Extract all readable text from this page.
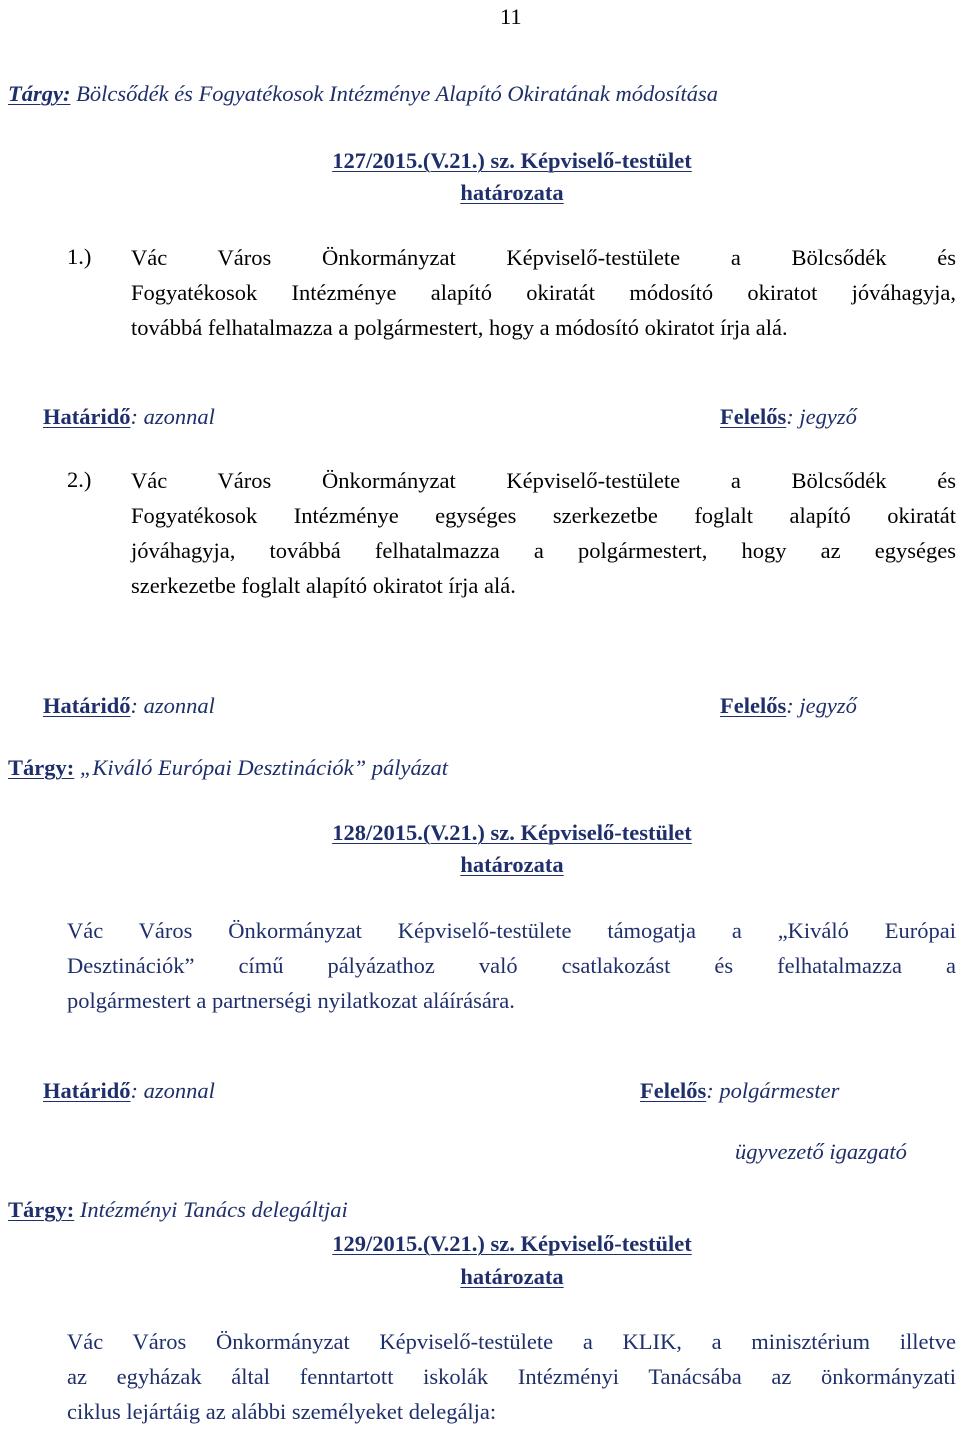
11
Tárgy: Bölcsődék és Fogyatékosok Intézménye Alapító Okiratának módosítása
127/2015.(V.21.) sz. Képviselő-testület
határozata
1.) Vác Város Önkormányzat Képviselő-testülete a Bölcsődék és
Fogyatékosok Intézménye alapító okiratát módosító okiratot jóváhagyja,
továbbá felhatalmazza a polgármestert, hogy a módosító okiratot írja alá.
Határidő: azonnal	Felelős: jegyző
2.) Vác Város Önkormányzat Képviselő-testülete a Bölcsődék és
Fogyatékosok Intézménye egységes szerkezetbe foglalt alapító okiratát
jóváhagyja, továbbá felhatalmazza a polgármestert, hogy az egységes
szerkezetbe foglalt alapító okiratot írja alá.
Határidő: azonnal	Felelős: jegyző
Tárgy: „Kiváló Európai Desztinációk” pályázat
128/2015.(V.21.) sz. Képviselő-testület
határozata
Vác Város Önkormányzat Képviselő-testülete támogatja a „Kiváló Európai
Desztinációk” című pályázathoz való csatlakozást és felhatalmazza a
polgármestert a partnerségi nyilatkozat aláírására.
Határidő: azonnal	Felelős: polgármester
ügyvezető igazgató
Tárgy: Intézményi Tanács delegáltjai
129/2015.(V.21.) sz. Képviselő-testület
határozata
Vác Város Önkormányzat Képviselő-testülete a KLIK, a minisztérium illetve
az egyházak által fenntartott iskolák Intézményi Tanácsába az önkormányzati
ciklus lejártáig az alábbi személyeket delegálja:
